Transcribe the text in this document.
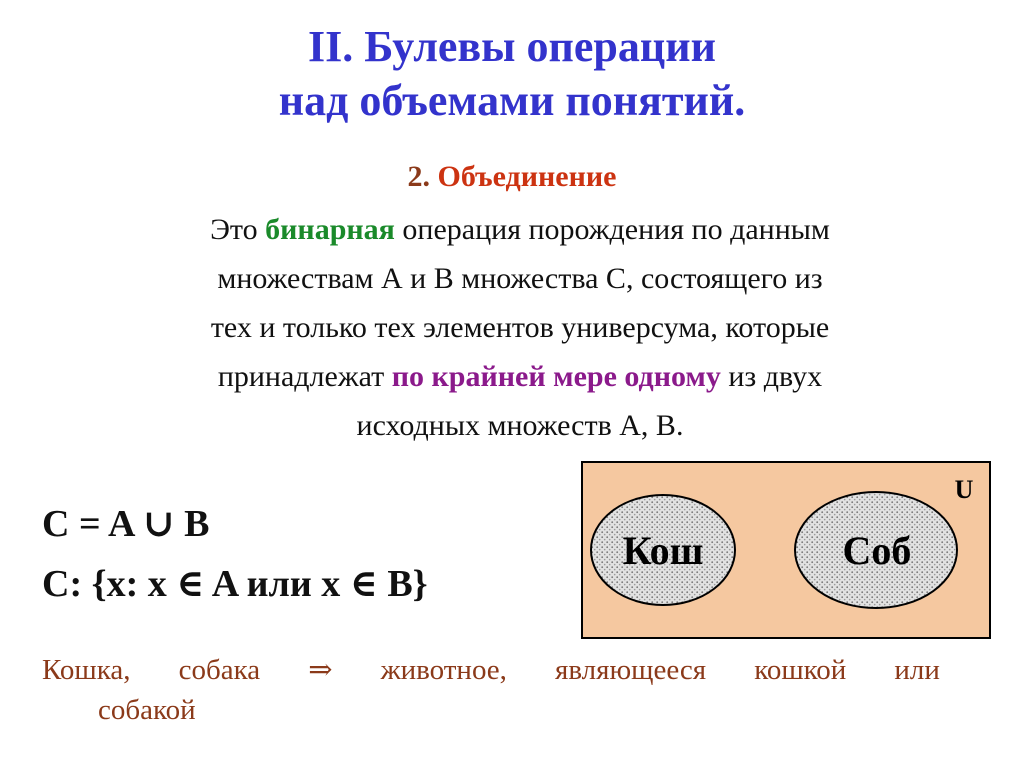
II. Булевы операции
над объемами понятий.
2. Объединение
Это бинарная операция порождения по данным
множествам А и В множества С, состоящего из
тех и только тех элементов универсума, которые
принадлежат по крайней мере одному из двух
исходных множеств А, В.
C = A ∪ B
C: {x: x ∈ A или x ∈ B}
U
Кош	Соб
Кошка, собака ⇒ животное, являющееся кошкой или
собакой
